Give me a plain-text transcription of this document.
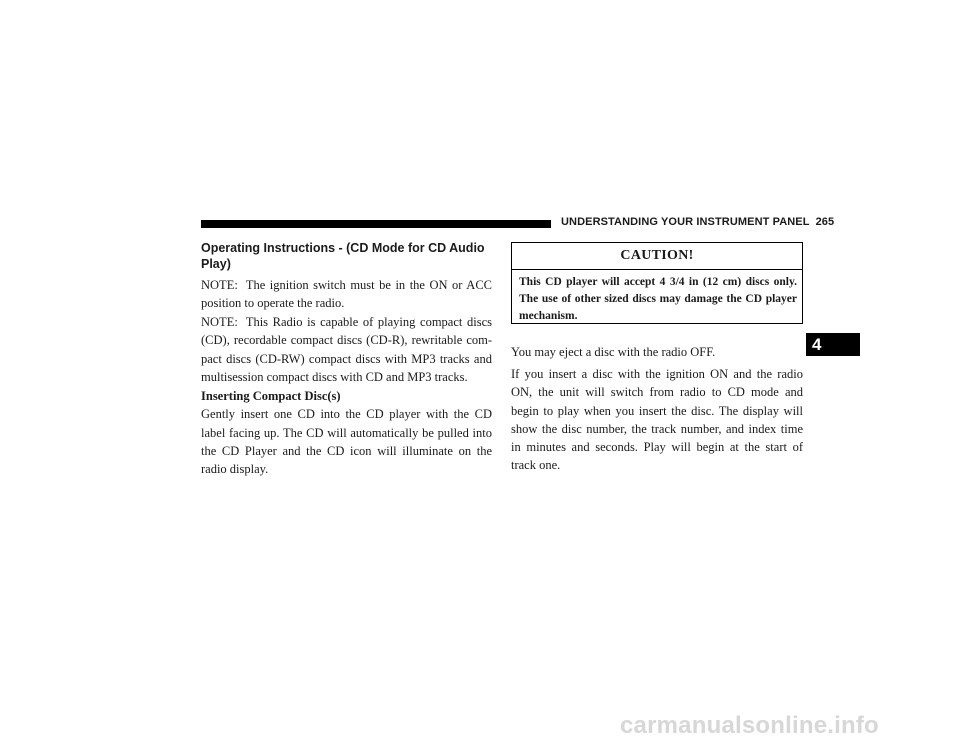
UNDERSTANDING YOUR INSTRUMENT PANEL 265
4
Operating Instructions - (CD Mode for CD Audio Play)
NOTE: The ignition switch must be in the ON or ACC position to operate the radio.
NOTE: This Radio is capable of playing compact discs (CD), recordable compact discs (CD-R), rewritable com-pact discs (CD-RW) compact discs with MP3 tracks and multisession compact discs with CD and MP3 tracks.
Inserting Compact Disc(s)
Gently insert one CD into the CD player with the CD label facing up. The CD will automatically be pulled into the CD Player and the CD icon will illuminate on the radio display.
CAUTION!
This CD player will accept 4 3/4 in (12 cm) discs only. The use of other sized discs may damage the CD player mechanism.
You may eject a disc with the radio OFF.
If you insert a disc with the ignition ON and the radio ON, the unit will switch from radio to CD mode and begin to play when you insert the disc. The display will show the disc number, the track number, and index time in minutes and seconds. Play will begin at the start of track one.
carmanualsonline.info
